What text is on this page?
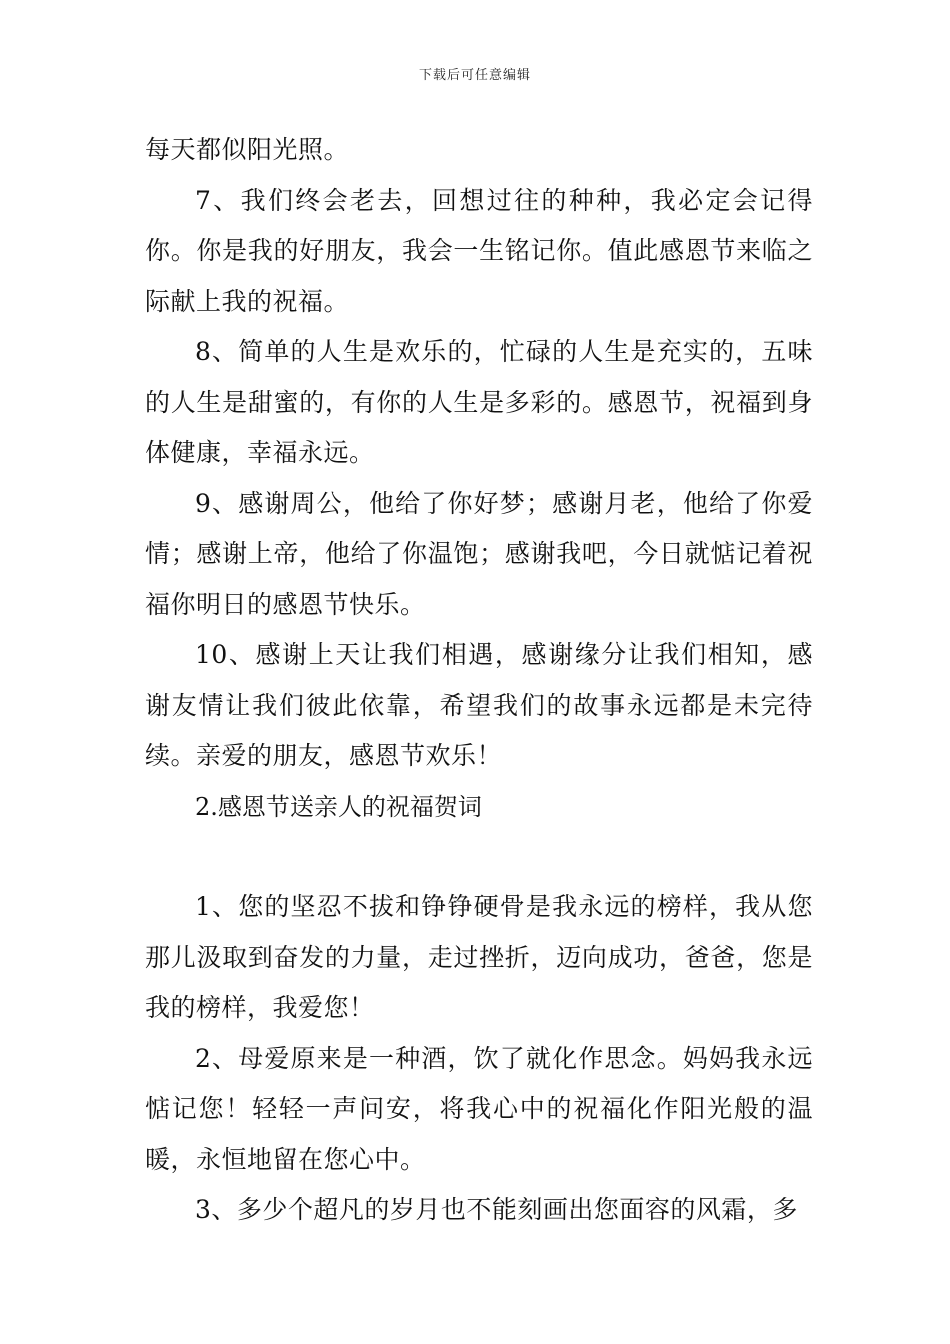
下载后可任意编辑

每天都似阳光照。

7、我们终会老去，回想过往的种种，我必定会记得你。你是我的好朋友，我会一生铭记你。值此感恩节来临之际献上我的祝福。

8、简单的人生是欢乐的，忙碌的人生是充实的，五味的人生是甜蜜的，有你的人生是多彩的。感恩节，祝福到身体健康，幸福永远。

9、感谢周公，他给了你好梦；感谢月老，他给了你爱情；感谢上帝，他给了你温饱；感谢我吧，今日就惦记着祝福你明日的感恩节快乐。

10、感谢上天让我们相遇，感谢缘分让我们相知，感谢友情让我们彼此依靠，希望我们的故事永远都是未完待续。亲爱的朋友，感恩节欢乐！

2.感恩节送亲人的祝福贺词

1、您的坚忍不拔和铮铮硬骨是我永远的榜样，我从您那儿汲取到奋发的力量，走过挫折，迈向成功，爸爸，您是我的榜样，我爱您！

2、母爱原来是一种酒，饮了就化作思念。妈妈我永远惦记您！轻轻一声问安，将我心中的祝福化作阳光般的温暖，永恒地留在您心中。

3、多少个超凡的岁月也不能刻画出您面容的风霜，多
